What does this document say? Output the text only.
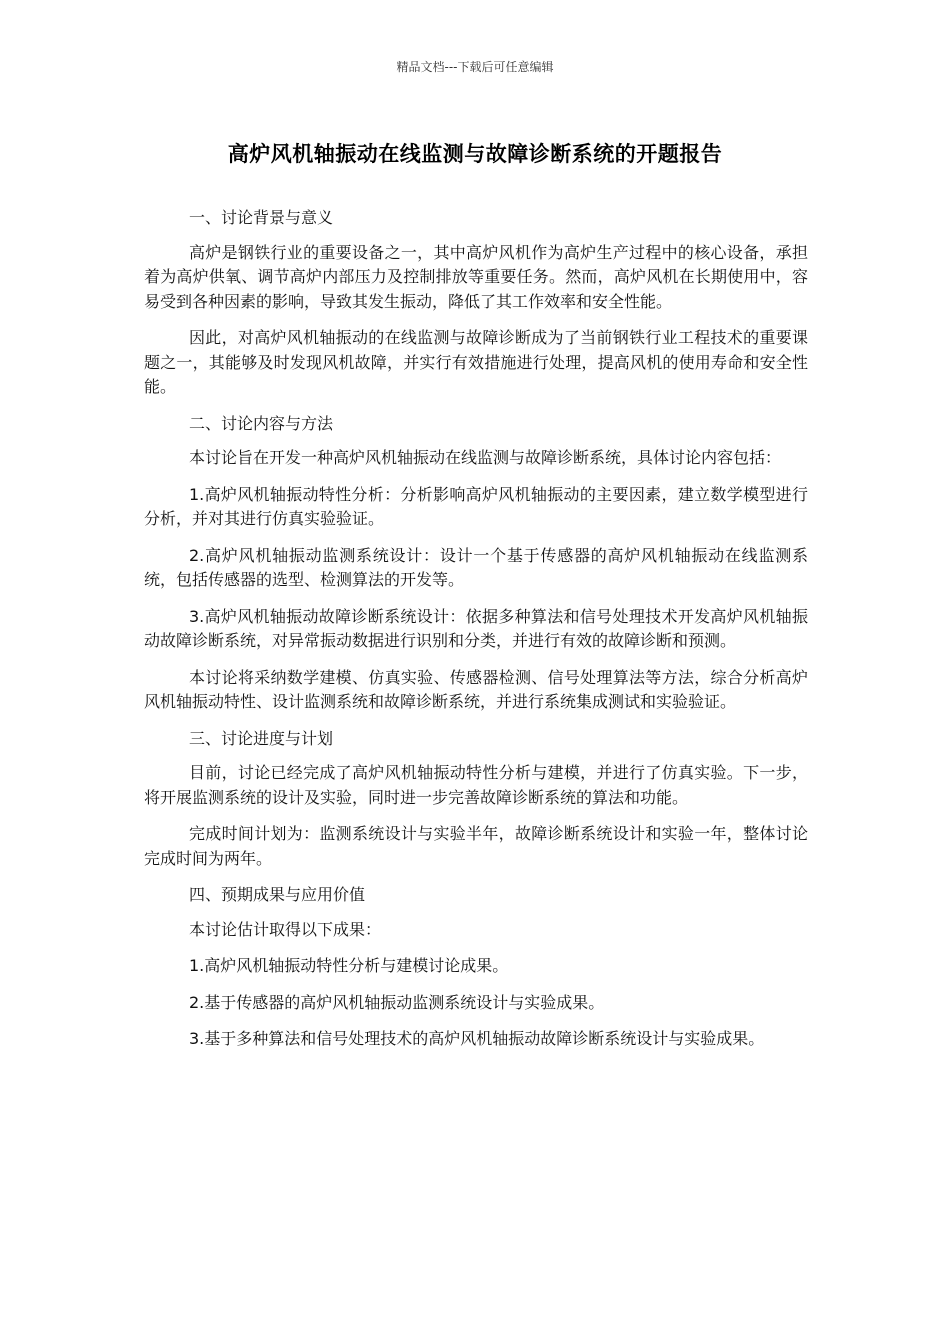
精品文档---下载后可任意编辑
高炉风机轴振动在线监测与故障诊断系统的开题报告

一、讨论背景与意义

高炉是钢铁行业的重要设备之一，其中高炉风机作为高炉生产过程中的核心设备，承担着为高炉供氧、调节高炉内部压力及控制排放等重要任务。然而，高炉风机在长期使用中，容易受到各种因素的影响，导致其发生振动，降低了其工作效率和安全性能。

因此，对高炉风机轴振动的在线监测与故障诊断成为了当前钢铁行业工程技术的重要课题之一，其能够及时发现风机故障，并实行有效措施进行处理，提高风机的使用寿命和安全性能。

二、讨论内容与方法

本讨论旨在开发一种高炉风机轴振动在线监测与故障诊断系统，具体讨论内容包括：

1.高炉风机轴振动特性分析：分析影响高炉风机轴振动的主要因素，建立数学模型进行分析，并对其进行仿真实验验证。

2.高炉风机轴振动监测系统设计：设计一个基于传感器的高炉风机轴振动在线监测系统，包括传感器的选型、检测算法的开发等。

3.高炉风机轴振动故障诊断系统设计：依据多种算法和信号处理技术开发高炉风机轴振动故障诊断系统，对异常振动数据进行识别和分类，并进行有效的故障诊断和预测。

本讨论将采纳数学建模、仿真实验、传感器检测、信号处理算法等方法，综合分析高炉风机轴振动特性、设计监测系统和故障诊断系统，并进行系统集成测试和实验验证。

三、讨论进度与计划

目前，讨论已经完成了高炉风机轴振动特性分析与建模，并进行了仿真实验。下一步，将开展监测系统的设计及实验，同时进一步完善故障诊断系统的算法和功能。

完成时间计划为：监测系统设计与实验半年，故障诊断系统设计和实验一年，整体讨论完成时间为两年。

四、预期成果与应用价值

本讨论估计取得以下成果：

1.高炉风机轴振动特性分析与建模讨论成果。

2.基于传感器的高炉风机轴振动监测系统设计与实验成果。

3.基于多种算法和信号处理技术的高炉风机轴振动故障诊断系统设计与实验成果。
